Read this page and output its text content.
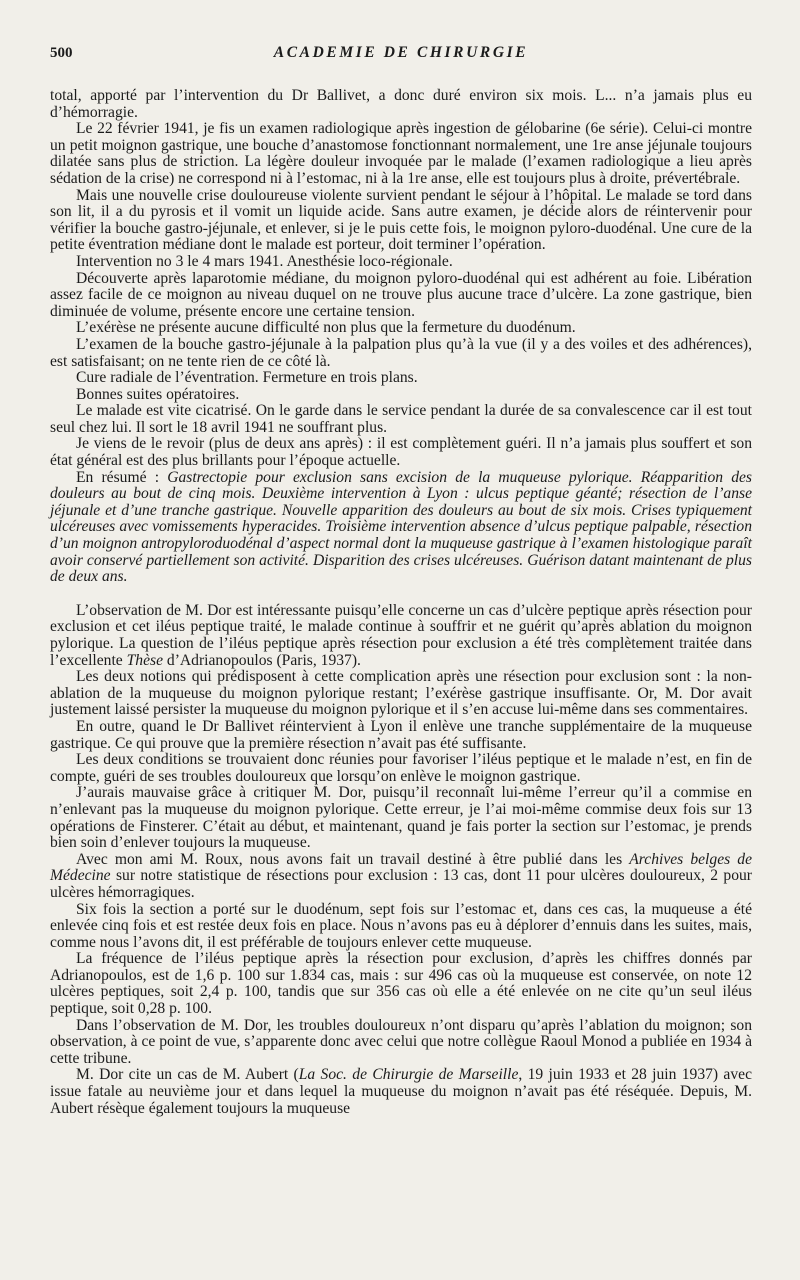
500	ACADEMIE DE CHIRURGIE

total, apporté par l’intervention du Dr Ballivet, a donc duré environ six mois. L... n’a jamais plus eu d’hémorragie.

Le 22 février 1941, je fis un examen radiologique après ingestion de gélobarine (6e série). Celui-ci montre un petit moignon gastrique, une bouche d’anastomose fonctionnant normalement, une 1re anse jéjunale toujours dilatée sans plus de striction. La légère douleur invoquée par le malade (l’examen radiologique a lieu après sédation de la crise) ne correspond ni à l’estomac, ni à la 1re anse, elle est toujours plus à droite, prévertébrale.

Mais une nouvelle crise douloureuse violente survient pendant le séjour à l’hôpital. Le malade se tord dans son lit, il a du pyrosis et il vomit un liquide acide. Sans autre examen, je décide alors de réintervenir pour vérifier la bouche gastro-jéjunale, et enlever, si je le puis cette fois, le moignon pyloro-duodénal. Une cure de la petite éventration médiane dont le malade est porteur, doit terminer l’opération.

Intervention no 3 le 4 mars 1941. Anesthésie loco-régionale.

Découverte après laparotomie médiane, du moignon pyloro-duodénal qui est adhérent au foie. Libération assez facile de ce moignon au niveau duquel on ne trouve plus aucune trace d’ulcère. La zone gastrique, bien diminuée de volume, présente encore une certaine tension.

L’exérèse ne présente aucune difficulté non plus que la fermeture du duodénum.

L’examen de la bouche gastro-jéjunale à la palpation plus qu’à la vue (il y a des voiles et des adhérences), est satisfaisant; on ne tente rien de ce côté là.

Cure radiale de l’éventration. Fermeture en trois plans.

Bonnes suites opératoires.

Le malade est vite cicatrisé. On le garde dans le service pendant la durée de sa convalescence car il est tout seul chez lui. Il sort le 18 avril 1941 ne souffrant plus.

Je viens de le revoir (plus de deux ans après) : il est complètement guéri. Il n’a jamais plus souffert et son état général est des plus brillants pour l’époque actuelle.

En résumé : Gastrectopie pour exclusion sans excision de la muqueuse pylorique. Réapparition des douleurs au bout de cinq mois. Deuxième intervention à Lyon : ulcus peptique géanté; résection de l’anse jéjunale et d’une tranche gastrique. Nouvelle apparition des douleurs au bout de six mois. Crises typiquement ulcéreuses avec vomissements hyperacides. Troisième intervention absence d’ulcus peptique palpable, résection d’un moignon antropyloroduodénal d’aspect normal dont la muqueuse gastrique à l’examen histologique paraît avoir conservé partiellement son activité. Disparition des crises ulcéreuses. Guérison datant maintenant de plus de deux ans.

L’observation de M. Dor est intéressante puisqu’elle concerne un cas d’ulcère peptique après résection pour exclusion et cet iléus peptique traité, le malade continue à souffrir et ne guérit qu’après ablation du moignon pylorique. La question de l’iléus peptique après résection pour exclusion a été très complètement traitée dans l’excellente Thèse d’Adrianopoulos (Paris, 1937).

Les deux notions qui prédisposent à cette complication après une résection pour exclusion sont : la non-ablation de la muqueuse du moignon pylorique restant; l’exérèse gastrique insuffisante. Or, M. Dor avait justement laissé persister la muqueuse du moignon pylorique et il s’en accuse lui-même dans ses commentaires.

En outre, quand le Dr Ballivet réintervient à Lyon il enlève une tranche supplémentaire de la muqueuse gastrique. Ce qui prouve que la première résection n’avait pas été suffisante.

Les deux conditions se trouvaient donc réunies pour favoriser l’iléus peptique et le malade n’est, en fin de compte, guéri de ses troubles douloureux que lorsqu’on enlève le moignon gastrique.

J’aurais mauvaise grâce à critiquer M. Dor, puisqu’il reconnaît lui-même l’erreur qu’il a commise en n’enlevant pas la muqueuse du moignon pylorique. Cette erreur, je l’ai moi-même commise deux fois sur 13 opérations de Finsterer. C’était au début, et maintenant, quand je fais porter la section sur l’estomac, je prends bien soin d’enlever toujours la muqueuse.

Avec mon ami M. Roux, nous avons fait un travail destiné à être publié dans les Archives belges de Médecine sur notre statistique de résections pour exclusion : 13 cas, dont 11 pour ulcères douloureux, 2 pour ulcères hémorragiques.

Six fois la section a porté sur le duodénum, sept fois sur l’estomac et, dans ces cas, la muqueuse a été enlevée cinq fois et est restée deux fois en place. Nous n’avons pas eu à déplorer d’ennuis dans les suites, mais, comme nous l’avons dit, il est préférable de toujours enlever cette muqueuse.

La fréquence de l’iléus peptique après la résection pour exclusion, d’après les chiffres donnés par Adrianopoulos, est de 1,6 p. 100 sur 1.834 cas, mais : sur 496 cas où la muqueuse est conservée, on note 12 ulcères peptiques, soit 2,4 p. 100, tandis que sur 356 cas où elle a été enlevée on ne cite qu’un seul iléus peptique, soit 0,28 p. 100.

Dans l’observation de M. Dor, les troubles douloureux n’ont disparu qu’après l’ablation du moignon; son observation, à ce point de vue, s’apparente donc avec celui que notre collègue Raoul Monod a publiée en 1934 à cette tribune.

M. Dor cite un cas de M. Aubert (La Soc. de Chirurgie de Marseille, 19 juin 1933 et 28 juin 1937) avec issue fatale au neuvième jour et dans lequel la muqueuse du moignon n’avait pas été réséquée. Depuis, M. Aubert résèque également toujours la muqueuse
